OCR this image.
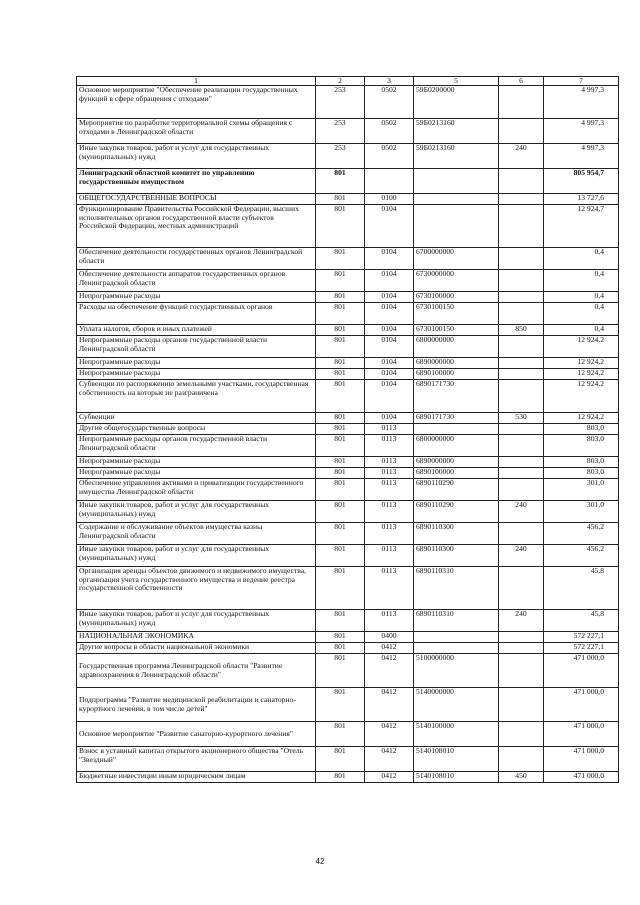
1	2	3	5	6	7
Основное мероприятие "Обеспечение реализации государственных функций в сфере обращения с отходами"	253	0502	59Б0200000		4 997,3
Мероприятия по разработке территориальной схемы обращения с отходами в Ленинградской области	253	0502	59Б0213160		4 997,3
Иные закупки товаров, работ и услуг для государственных (муниципальных) нужд	253	0502	59Б0213160	240	4 997,3
Ленинградский областной комитет по управлению государственным имуществом	801				805 954,7
ОБЩЕГОСУДАРСТВЕННЫЕ ВОПРОСЫ	801	0100			13 727,6
Функционирование Правительства Российской Федерации, высших исполнительных органов государственной власти субъектов Российской Федерации, местных администраций	801	0104			12 924,7
Обеспечение деятельности государственных органов Ленинградской области	801	0104	6700000000		0,4
Обеспечение деятельности аппаратов государственных органов Ленинградской области	801	0104	6730000000		0,4
Непрограммные расходы	801	0104	6730100000		0,4
Расходы на обеспечение функций государственных органов	801	0104	6730100150		0,4
Уплата налогов, сборов и иных платежей	801	0104	6730100150	850	0,4
Непрограммные расходы органов государственной власти Ленинградской области	801	0104	6800000000		12 924,2
Непрограммные расходы	801	0104	6890000000		12 924,2
Непрограммные расходы	801	0104	6890100000		12 924,2
Субвенции по распоряжению земельными участками, государственная собственность на которые не разграничена	801	0104	6890171730		12 924,2
Субвенции	801	0104	6890171730	530	12 924,2
Другие общегосударственные вопросы	801	0113			803,0
Непрограммные расходы органов государственной власти Ленинградской области	801	0113	6800000000		803,0
Непрограммные расходы	801	0113	6890000000		803,0
Непрограммные расходы	801	0113	6890100000		803,0
Обеспечение управления активами и приватизации государственного имущества Ленинградской области	801	0113	6890110290		301,0
Иные закупки товаров, работ и услуг для государственных (муниципальных) нужд	801	0113	6890110290	240	301,0
Содержание и обслуживание объектов имущества казны Ленинградской области	801	0113	6890110300		456,2
Иные закупки товаров, работ и услуг для государственных (муниципальных) нужд	801	0113	6890110300	240	456,2
Организация аренды объектов движимого и недвижимого имущества, организация учета государственного имущества и ведение реестра государственной собственности	801	0113	6890110310		45,8
Иные закупки товаров, работ и услуг для государственных (муниципальных) нужд	801	0113	6890110310	240	45,8
НАЦИОНАЛЬНАЯ ЭКОНОМИКА	801	0400			572 227,1
Другие вопросы в области национальной экономики	801	0412			572 227,1
Государственная программа Ленинградской области "Развитие здравоохранения в Ленинградской области"	801	0412	5100000000		471 000,0
Подпрограмма "Развитие медицинской реабилитации и санаторно-курортного лечения, в том числе детей"	801	0412	5140000000		471 000,0
Основное мероприятие "Развитие санаторно-курортного лечения"	801	0412	5140100000		471 000,0
Взнос в уставный капитал открытого акционерного общества "Отель "Звездный"	801	0412	5140108010		471 000,0
Бюджетные инвестиции иным юридическим лицам	801	0412	5140108010	450	471 000,0
42
